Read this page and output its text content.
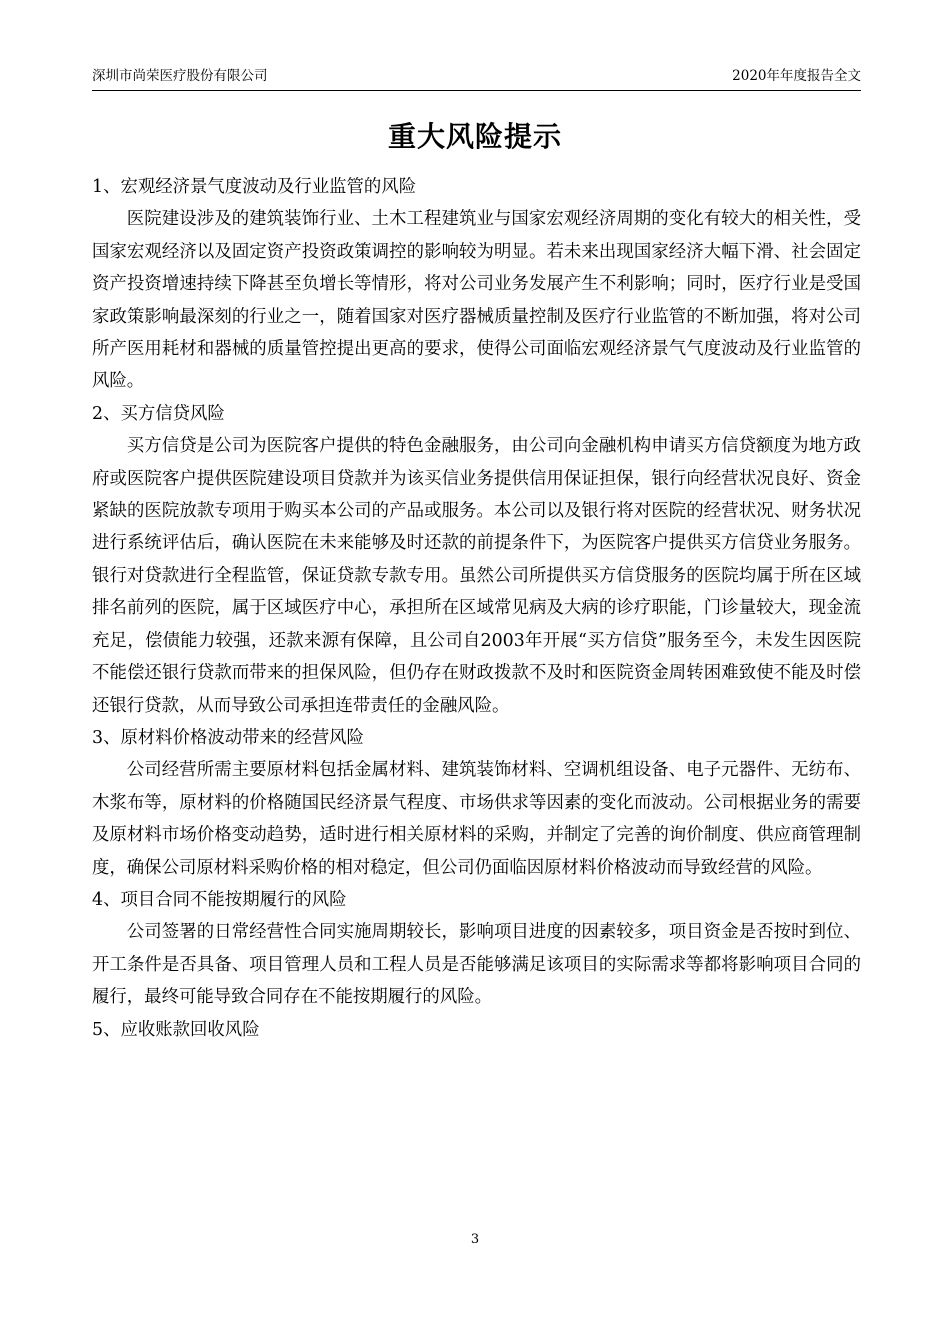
深圳市尚荣医疗股份有限公司	2020年年度报告全文
重大风险提示

1、宏观经济景气度波动及行业监管的风险

医院建设涉及的建筑装饰行业、土木工程建筑业与国家宏观经济周期的变化有较大的相关性，受国家宏观经济以及固定资产投资政策调控的影响较为明显。若未来出现国家经济大幅下滑、社会固定资产投资增速持续下降甚至负增长等情形，将对公司业务发展产生不利影响；同时，医疗行业是受国家政策影响最深刻的行业之一，随着国家对医疗器械质量控制及医疗行业监管的不断加强，将对公司所产医用耗材和器械的质量管控提出更高的要求，使得公司面临宏观经济景气气度波动及行业监管的风险。

2、买方信贷风险

买方信贷是公司为医院客户提供的特色金融服务，由公司向金融机构申请买方信贷额度为地方政府或医院客户提供医院建设项目贷款并为该买信业务提供信用保证担保，银行向经营状况良好、资金紧缺的医院放款专项用于购买本公司的产品或服务。本公司以及银行将对医院的经营状况、财务状况进行系统评估后，确认医院在未来能够及时还款的前提条件下，为医院客户提供买方信贷业务服务。银行对贷款进行全程监管，保证贷款专款专用。虽然公司所提供买方信贷服务的医院均属于所在区域排名前列的医院，属于区域医疗中心，承担所在区域常见病及大病的诊疗职能，门诊量较大，现金流充足，偿债能力较强，还款来源有保障，且公司自2003年开展“买方信贷”服务至今，未发生因医院不能偿还银行贷款而带来的担保风险，但仍存在财政拨款不及时和医院资金周转困难致使不能及时偿还银行贷款，从而导致公司承担连带责任的金融风险。

3、原材料价格波动带来的经营风险

公司经营所需主要原材料包括金属材料、建筑装饰材料、空调机组设备、电子元器件、无纺布、木浆布等，原材料的价格随国民经济景气程度、市场供求等因素的变化而波动。公司根据业务的需要及原材料市场价格变动趋势，适时进行相关原材料的采购，并制定了完善的询价制度、供应商管理制度，确保公司原材料采购价格的相对稳定，但公司仍面临因原材料价格波动而导致经营的风险。

4、项目合同不能按期履行的风险

公司签署的日常经营性合同实施周期较长，影响项目进度的因素较多，项目资金是否按时到位、开工条件是否具备、项目管理人员和工程人员是否能够满足该项目的实际需求等都将影响项目合同的履行，最终可能导致合同存在不能按期履行的风险。

5、应收账款回收风险

3
